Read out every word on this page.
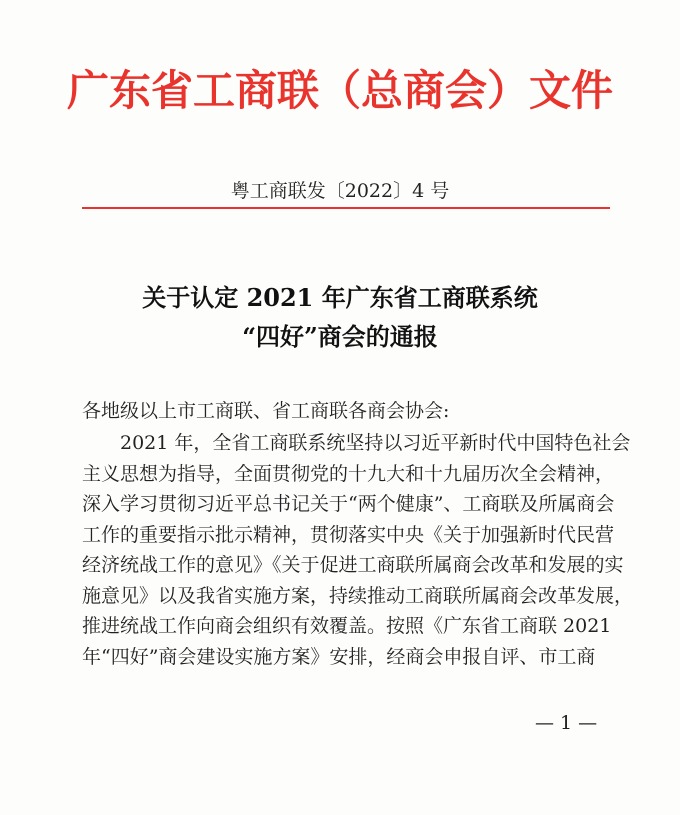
广东省工商联（总商会）文件
粤工商联发〔2022〕4 号
关于认定 2021 年广东省工商联系统
“四好”商会的通报
各地级以上市工商联、省工商联各商会协会:
2021 年，全省工商联系统坚持以习近平新时代中国特色社会
主义思想为指导，全面贯彻党的十九大和十九届历次全会精神，
深入学习贯彻习近平总书记关于“两个健康”、工商联及所属商会
工作的重要指示批示精神，贯彻落实中央《关于加强新时代民营
经济统战工作的意见》《关于促进工商联所属商会改革和发展的实
施意见》以及我省实施方案，持续推动工商联所属商会改革发展，
推进统战工作向商会组织有效覆盖。按照《广东省工商联 2021
年“四好”商会建设实施方案》安排，经商会申报自评、市工商
— 1 —
